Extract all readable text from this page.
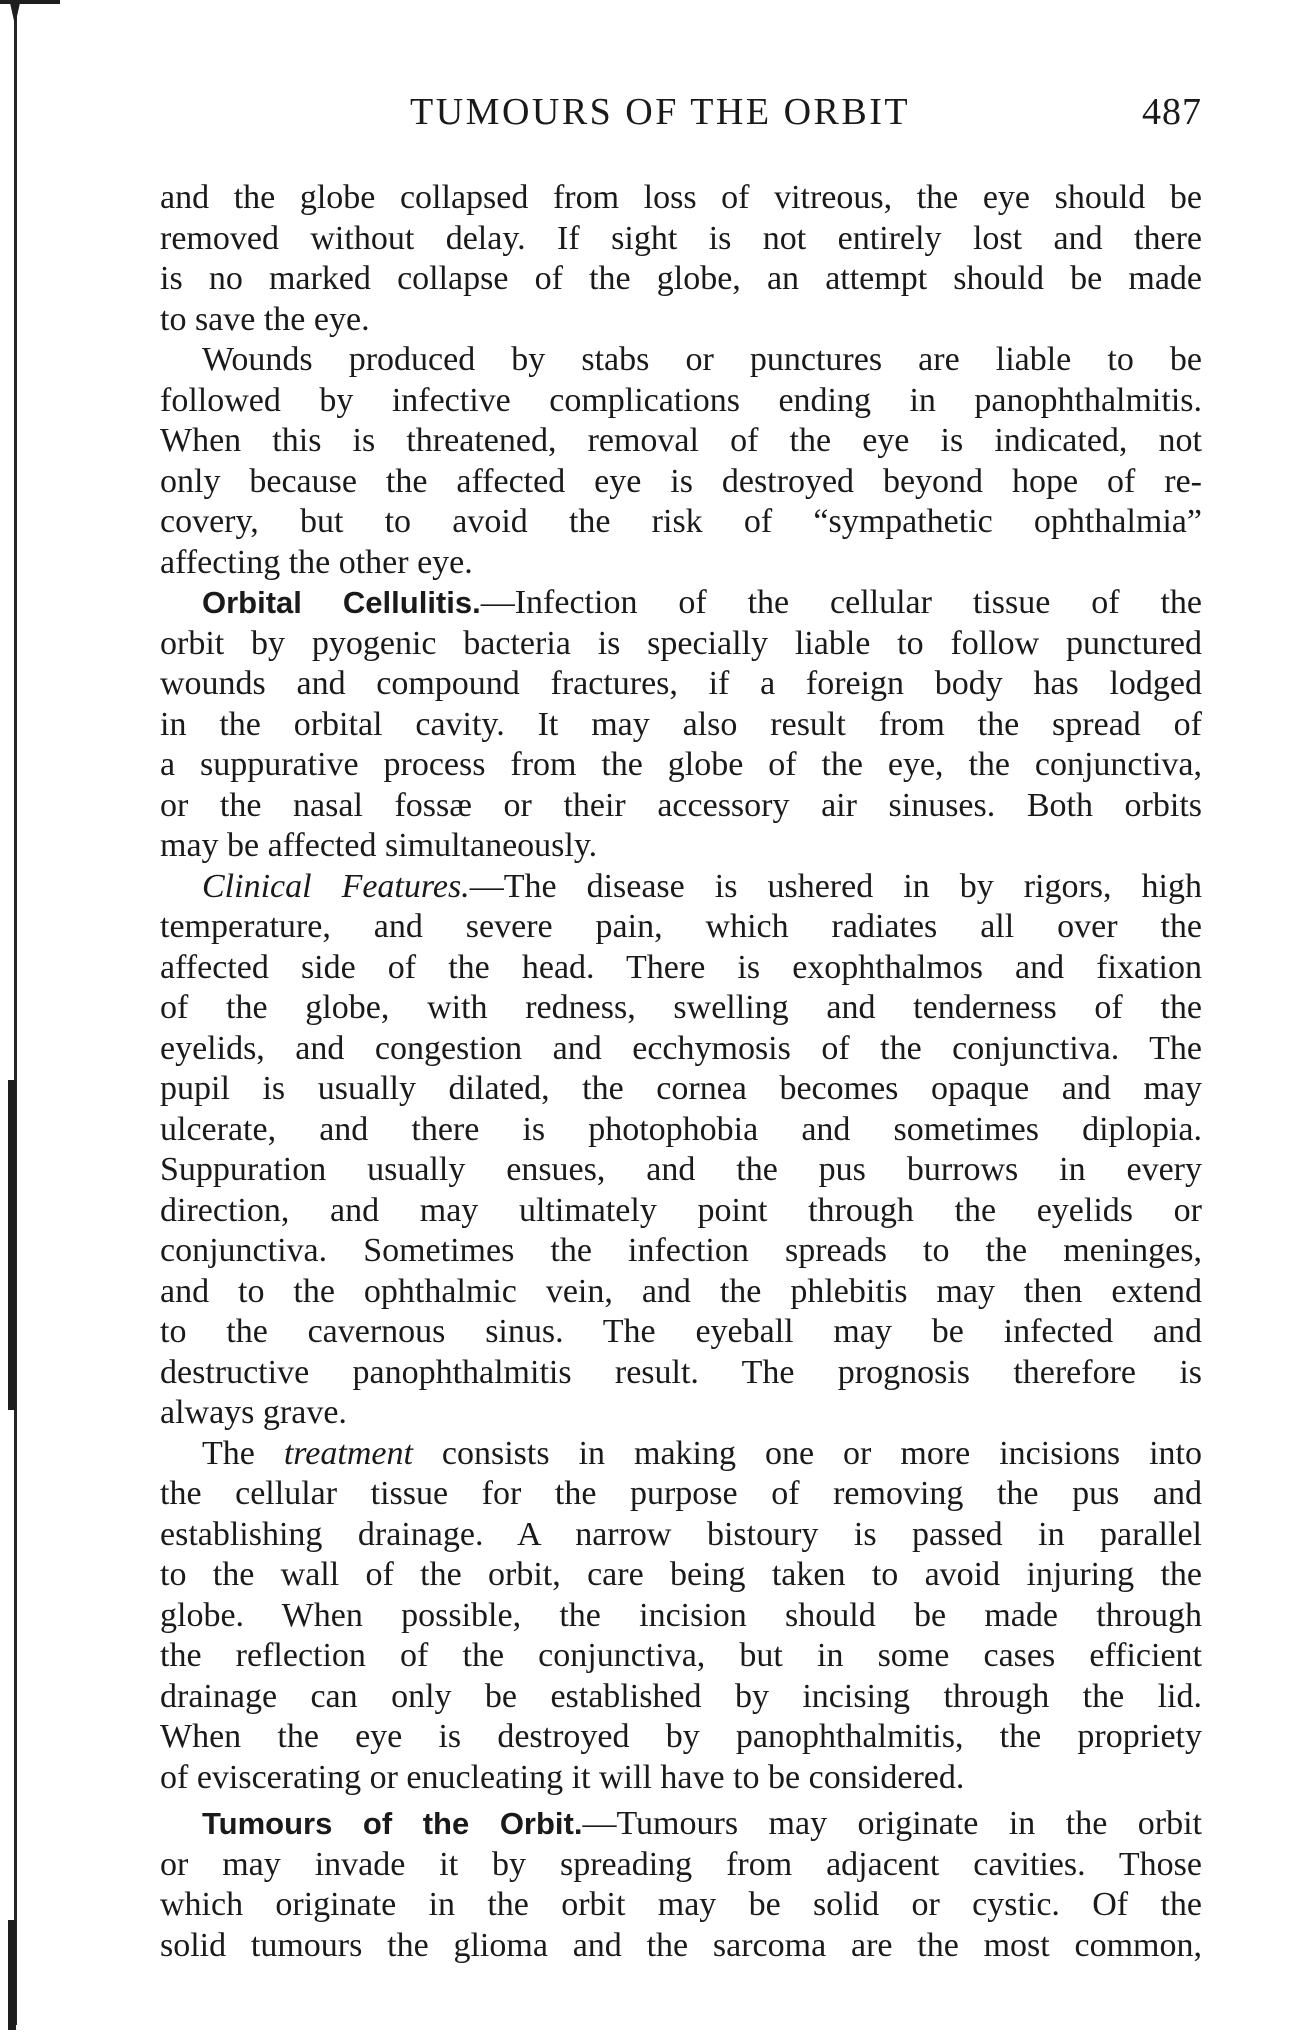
TUMOURS OF THE ORBIT	487
and the globe collapsed from loss of vitreous, the eye should be
removed without delay. If sight is not entirely lost and there
is no marked collapse of the globe, an attempt should be made
to save the eye.
Wounds produced by stabs or punctures are liable to be
followed by infective complications ending in panophthalmitis.
When this is threatened, removal of the eye is indicated, not
only because the affected eye is destroyed beyond hope of re-
covery, but to avoid the risk of “sympathetic ophthalmia”
affecting the other eye.
Orbital Cellulitis.—Infection of the cellular tissue of the
orbit by pyogenic bacteria is specially liable to follow punctured
wounds and compound fractures, if a foreign body has lodged
in the orbital cavity. It may also result from the spread of
a suppurative process from the globe of the eye, the conjunctiva,
or the nasal fossæ or their accessory air sinuses. Both orbits
may be affected simultaneously.
Clinical Features.—The disease is ushered in by rigors, high
temperature, and severe pain, which radiates all over the
affected side of the head. There is exophthalmos and fixation
of the globe, with redness, swelling and tenderness of the
eyelids, and congestion and ecchymosis of the conjunctiva. The
pupil is usually dilated, the cornea becomes opaque and may
ulcerate, and there is photophobia and sometimes diplopia.
Suppuration usually ensues, and the pus burrows in every
direction, and may ultimately point through the eyelids or
conjunctiva. Sometimes the infection spreads to the meninges,
and to the ophthalmic vein, and the phlebitis may then extend
to the cavernous sinus. The eyeball may be infected and
destructive panophthalmitis result. The prognosis therefore is
always grave.
The treatment consists in making one or more incisions into
the cellular tissue for the purpose of removing the pus and
establishing drainage. A narrow bistoury is passed in parallel
to the wall of the orbit, care being taken to avoid injuring the
globe. When possible, the incision should be made through
the reflection of the conjunctiva, but in some cases efficient
drainage can only be established by incising through the lid.
When the eye is destroyed by panophthalmitis, the propriety
of eviscerating or enucleating it will have to be considered.
Tumours of the Orbit.—Tumours may originate in the orbit
or may invade it by spreading from adjacent cavities. Those
which originate in the orbit may be solid or cystic. Of the
solid tumours the glioma and the sarcoma are the most common,
